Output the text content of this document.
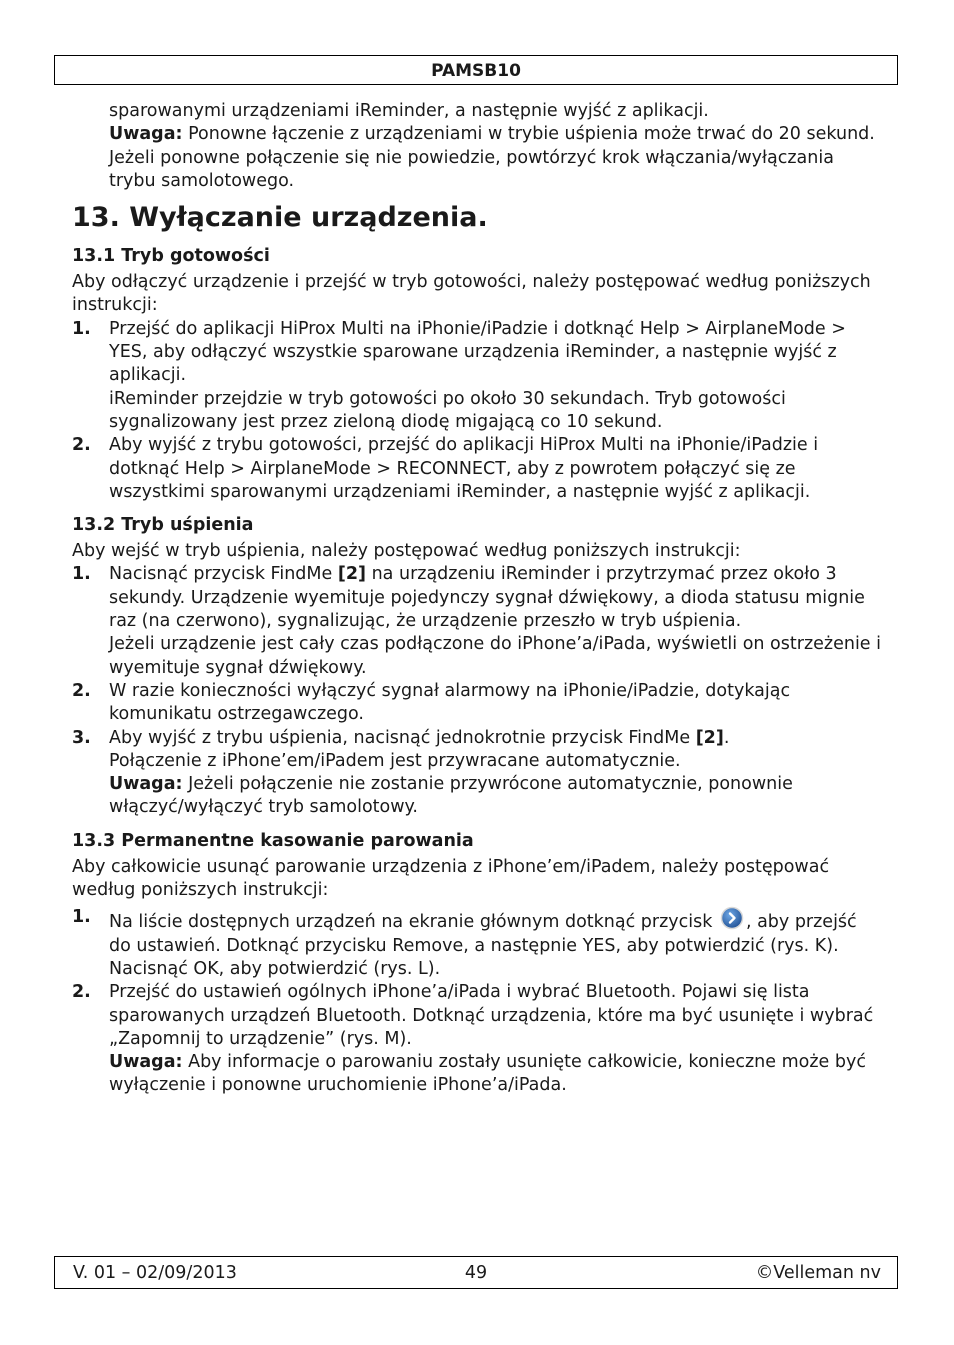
PAMSB10

sparowanymi urządzeniami iReminder, a następnie wyjść z aplikacji.

Uwaga: Ponowne łączenie z urządzeniami w trybie uśpienia może trwać do 20 sekund. Jeżeli ponowne połączenie się nie powiedzie, powtórzyć krok włączania/wyłączania trybu samolotowego.

13. Wyłączanie urządzenia.
13.1 Tryb gotowości

Aby odłączyć urządzenie i przejść w tryb gotowości, należy postępować według poniższych instrukcji:

1. Przejść do aplikacji HiProx Multi na iPhonie/iPadzie i dotknąć Help > AirplaneMode > YES, aby odłączyć wszystkie sparowane urządzenia iReminder, a następnie wyjść z aplikacji.

iReminder przejdzie w tryb gotowości po około 30 sekundach. Tryb gotowości sygnalizowany jest przez zieloną diodę migającą co 10 sekund.

2. Aby wyjść z trybu gotowości, przejść do aplikacji HiProx Multi na iPhonie/iPadzie i dotknąć Help > AirplaneMode > RECONNECT, aby z powrotem połączyć się ze wszystkimi sparowanymi urządzeniami iReminder, a następnie wyjść z aplikacji.

13.2 Tryb uśpienia

Aby wejść w tryb uśpienia, należy postępować według poniższych instrukcji:

1. Nacisnąć przycisk FindMe [2] na urządzeniu iReminder i przytrzymać przez około 3 sekundy. Urządzenie wyemituje pojedynczy sygnał dźwiękowy, a dioda statusu mignie raz (na czerwono), sygnalizując, że urządzenie przeszło w tryb uśpienia.

Jeżeli urządzenie jest cały czas podłączone do iPhone’a/iPada, wyświetli on ostrzeżenie i wyemituje sygnał dźwiękowy.

2. W razie konieczności wyłączyć sygnał alarmowy na iPhonie/iPadzie, dotykając komunikatu ostrzegawczego.

3. Aby wyjść z trybu uśpienia, nacisnąć jednokrotnie przycisk FindMe [2].

Połączenie z iPhone’em/iPadem jest przywracane automatycznie.

Uwaga: Jeżeli połączenie nie zostanie przywrócone automatycznie, ponownie włączyć/wyłączyć tryb samolotowy.

13.3 Permanentne kasowanie parowania

Aby całkowicie usunąć parowanie urządzenia z iPhone’em/iPadem, należy postępować według poniższych instrukcji:

1. Na liście dostępnych urządzeń na ekranie głównym dotknąć przycisk , aby przejść do ustawień. Dotknąć przycisku Remove, a następnie YES, aby potwierdzić (rys. K). Nacisnąć OK, aby potwierdzić (rys. L).

2. Przejść do ustawień ogólnych iPhone’a/iPada i wybrać Bluetooth. Pojawi się lista sparowanych urządzeń Bluetooth. Dotknąć urządzenia, które ma być usunięte i wybrać „Zapomnij to urządzenie” (rys. M).

Uwaga: Aby informacje o parowaniu zostały usunięte całkowicie, konieczne może być wyłączenie i ponowne uruchomienie iPhone’a/iPada.

V. 01 – 02/09/2013	49	©Velleman nv
